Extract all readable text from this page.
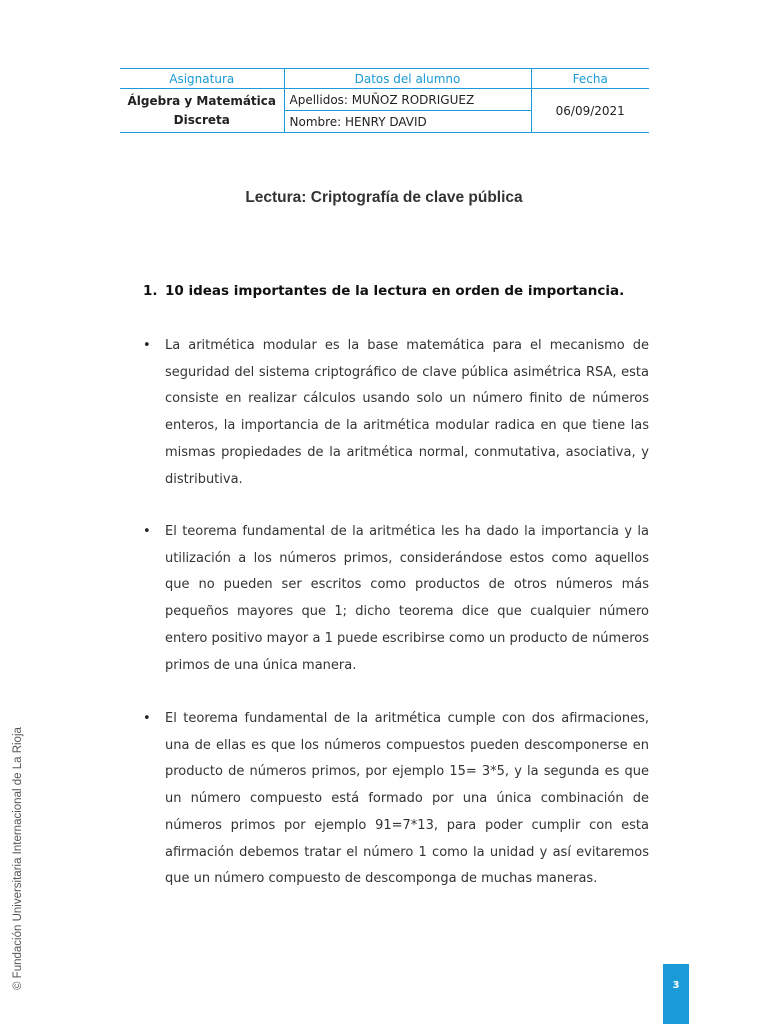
Asignatura	Datos del alumno	Fecha
Álgebra y Matemática Discreta	Apellidos: MUÑOZ RODRIGUEZ	06/09/2021
	Nombre: HENRY DAVID	
Lectura: Criptografía de clave pública
1. 10 ideas importantes de la lectura en orden de importancia.
• La aritmética modular es la base matemática para el mecanismo de seguridad del sistema criptográfico de clave pública asimétrica RSA, esta consiste en realizar cálculos usando solo un número finito de números enteros, la importancia de la aritmética modular radica en que tiene las mismas propiedades de la aritmética normal, conmutativa, asociativa, y distributiva.
• El teorema fundamental de la aritmética les ha dado la importancia y la utilización a los números primos, considerándose estos como aquellos que no pueden ser escritos como productos de otros números más pequeños mayores que 1; dicho teorema dice que cualquier número entero positivo mayor a 1 puede escribirse como un producto de números primos de una única manera.
• El teorema fundamental de la aritmética cumple con dos afirmaciones, una de ellas es que los números compuestos pueden descomponerse en producto de números primos, por ejemplo 15= 3*5, y la segunda es que un número compuesto está formado por una única combinación de números primos por ejemplo 91=7*13, para poder cumplir con esta afirmación debemos tratar el número 1 como la unidad y así evitaremos que un número compuesto de descomponga de muchas maneras.
© Fundación Universitaria Internacional de La Rioja	3
